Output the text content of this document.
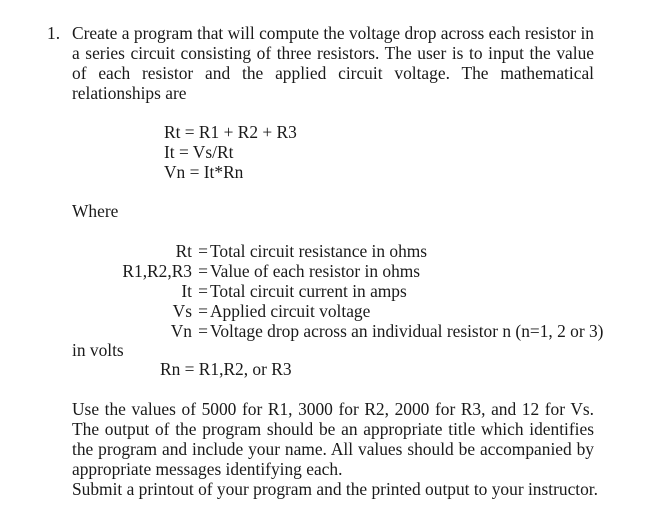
1. Create a program that will compute the voltage drop across each resistor in a series circuit consisting of three resistors. The user is to input the value of each resistor and the applied circuit voltage. The mathematical relationships are

Rt = R1 + R2 + R3
It = Vs/Rt
Vn = It*Rn
Where
Rt = Total circuit resistance in ohms
R1,R2,R3 = Value of each resistor in ohms
It = Total circuit current in amps
Vs = Applied circuit voltage
Vn = Voltage drop across an individual resistor n (n=1, 2 or 3)
in volts
Rn = R1,R2, or R3

Use the values of 5000 for R1, 3000 for R2, 2000 for R3, and 12 for Vs. The output of the program should be an appropriate title which identifies the program and include your name. All values should be accompanied by appropriate messages identifying each.

Submit a printout of your program and the printed output to your instructor.
